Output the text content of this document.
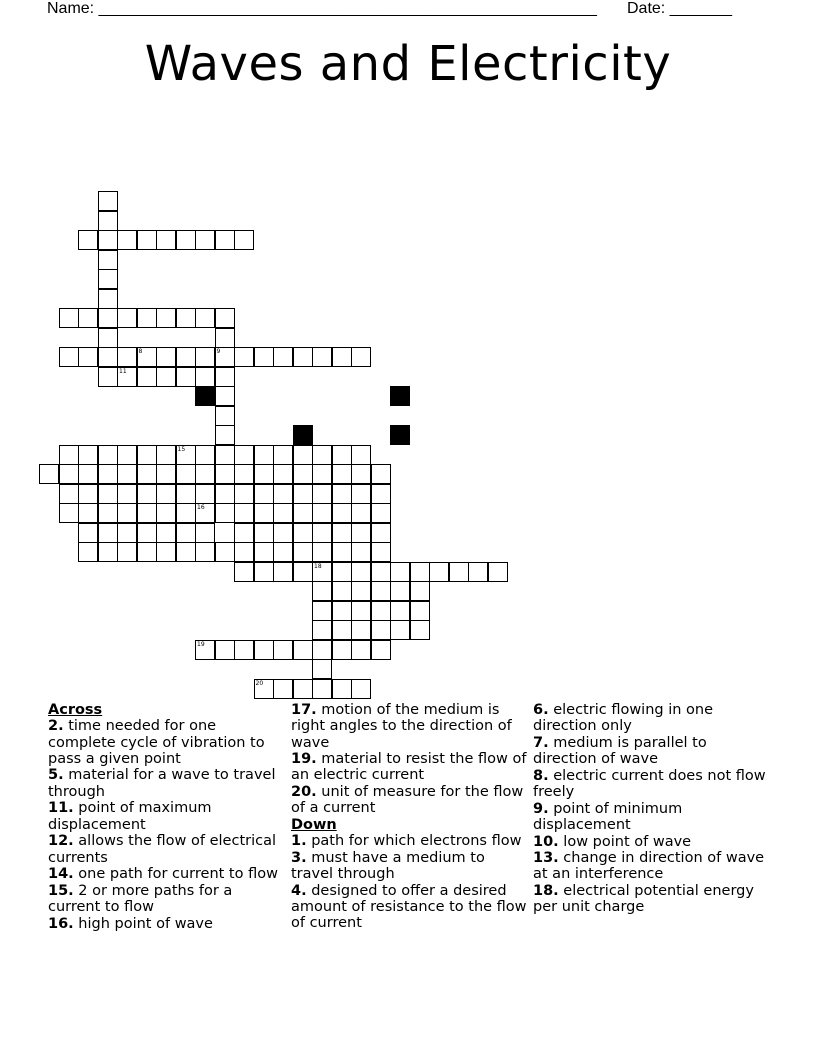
Name: ________________________________________________________ Date: _______
Waves and Electricity
9
11
8
15
16
18
19
20
Across
2. time needed for one complete cycle of vibration to pass a given point
5. material for a wave to travel through
11. point of maximum displacement
12. allows the flow of electrical currents
14. one path for current to flow
15. 2 or more paths for a current to flow
16. high point of wave
17. motion of the medium is right angles to the direction of wave
19. material to resist the flow of an electric current
20. unit of measure for the flow of a current
Down
1. path for which electrons flow
3. must have a medium to travel through
4. designed to offer a desired amount of resistance to the flow of current
6. electric flowing in one direction only
7. medium is parallel to direction of wave
8. electric current does not flow freely
9. point of minimum displacement
10. low point of wave
13. change in direction of wave at an interference
18. electrical potential energy per unit charge
